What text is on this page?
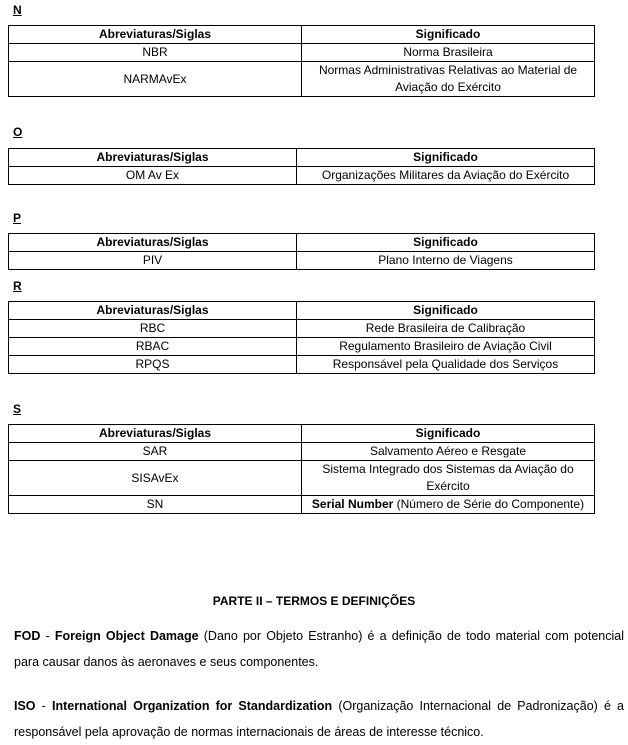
N
Abreviaturas/Siglas	Significado
NBR	Norma Brasileira
NARMAvEx	Normas Administrativas Relativas ao Material de Aviação do Exército
O
Abreviaturas/Siglas	Significado
OM Av Ex	Organizações Militares da Aviação do Exército
P
Abreviaturas/Siglas	Significado
PIV	Plano Interno de Viagens
R
Abreviaturas/Siglas	Significado
RBC	Rede Brasileira de Calibração
RBAC	Regulamento Brasileiro de Aviação Civil
RPQS	Responsável pela Qualidade dos Serviços
S
Abreviaturas/Siglas	Significado
SAR	Salvamento Aéreo e Resgate
SISAvEx	Sistema Integrado dos Sistemas da Aviação do Exército
SN	Serial Number (Número de Série do Componente)
PARTE II – TERMOS E DEFINIÇÕES
FOD - Foreign Object Damage (Dano por Objeto Estranho) é a definição de todo material com potencial para causar danos às aeronaves e seus componentes.
ISO - International Organization for Standardization (Organização Internacional de Padronização) é a responsável pela aprovação de normas internacionais de áreas de interesse técnico.
